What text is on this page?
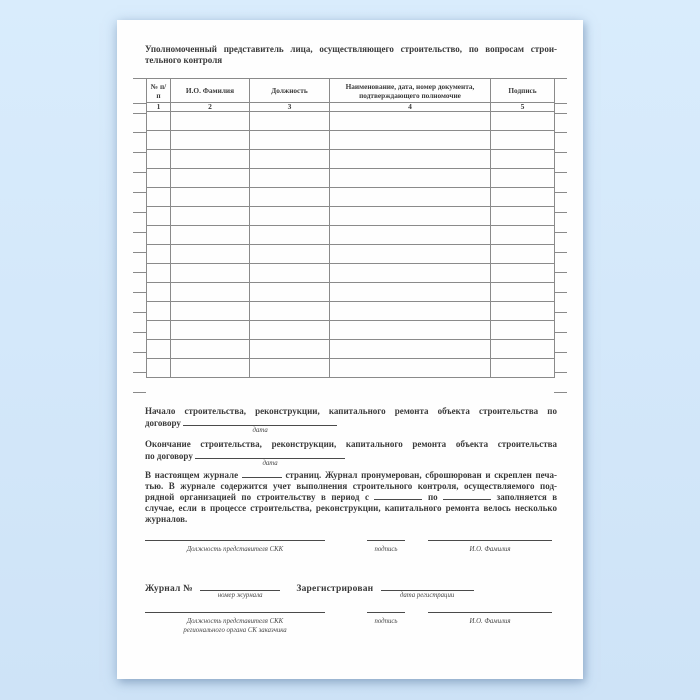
Уполномоченный представитель лица, осуществляющего строительство, по вопросам строи-
тельного контроля
№ п/п	И.О. Фамилия	Должность	Наименование, дата, номер документа, подтверждающего полномочие	Подпись
1	2	3	4	5

Начало строительства, реконструкции, капитального ремонта объекта строительства по
договору
дата
Окончание строительства, реконструкции, капитального ремонта объекта строительства
по договору
дата
В настоящем журнале	страниц. Журнал пронумерован, сброшюрован и скреплен печа-
тью. В журнале содержится учет выполнения строительного контроля, осуществляемого под-
рядной организацией по строительству в период с	по	заполняется в
случае, если в процессе строительства, реконструкции, капитального ремонта велось несколько
журналов.
Должность представителя СКК	подпись	И.О. Фамилия
Журнал №
номер журнала
Зарегистрирован
дата регистрации
Должность представителя СКК
регионального органа СК заказчика
подпись	И.О. Фамилия
